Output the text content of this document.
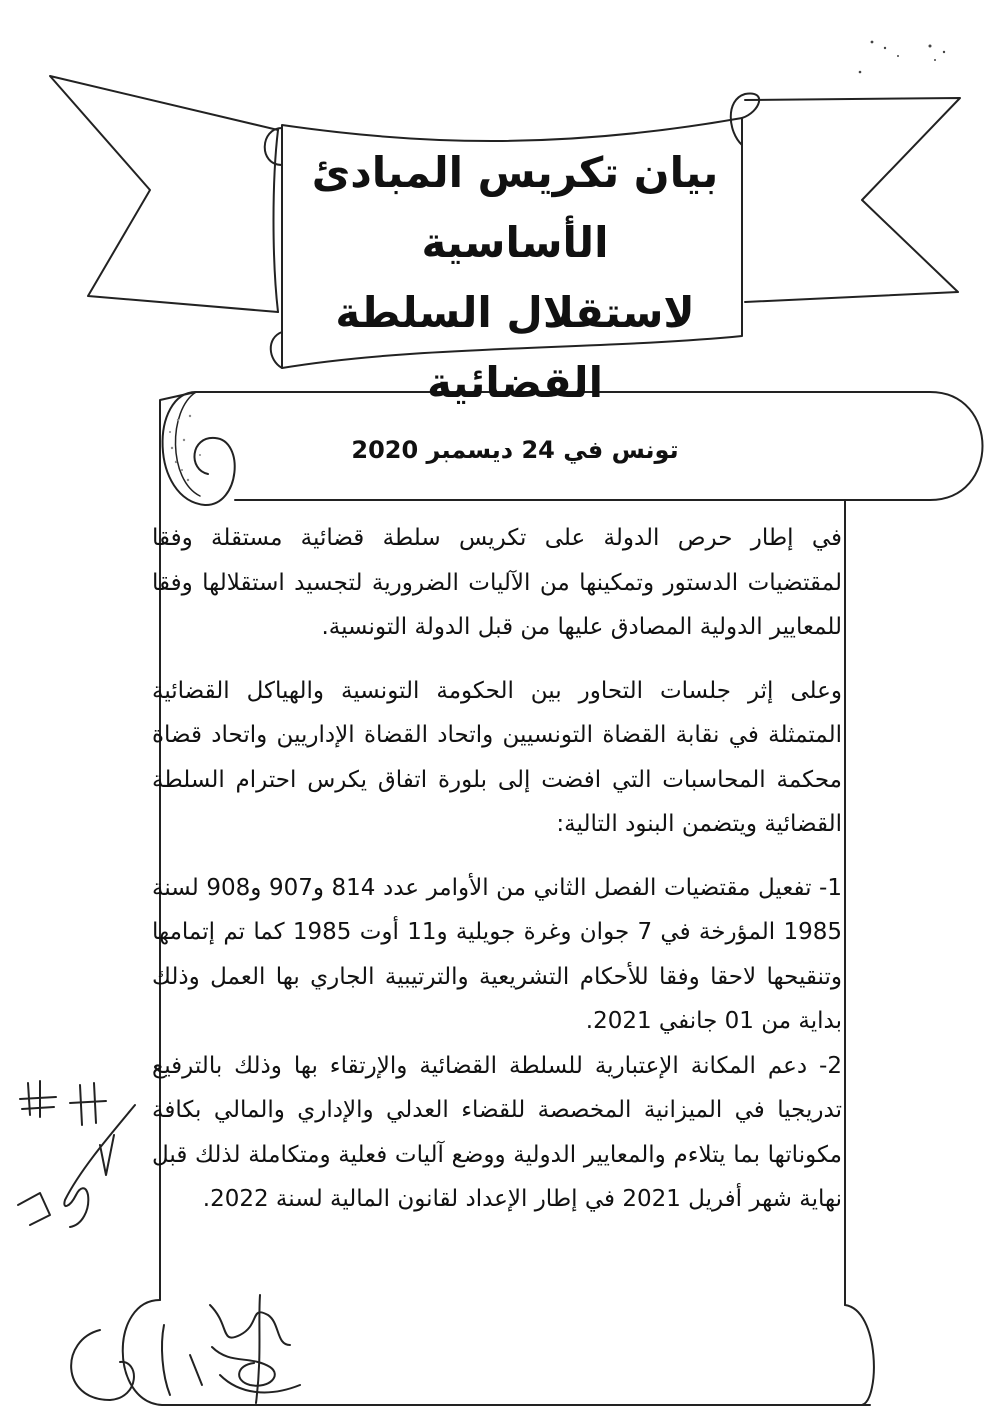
بيان تكريس المبادئ الأساسية
لاستقلال السلطة القضائية
تونس في 24 ديسمبر 2020

في إطار حرص الدولة على تكريس سلطة قضائية مستقلة وفقا لمقتضيات الدستور وتمكينها من الآليات الضرورية لتجسيد استقلالها وفقا للمعايير الدولية المصادق عليها من قبل الدولة التونسية.

وعلى إثر جلسات التحاور بين الحكومة التونسية والهياكل القضائية المتمثلة في نقابة القضاة التونسيين واتحاد القضاة الإداريين واتحاد قضاة محكمة المحاسبات التي افضت إلى بلورة اتفاق يكرس احترام السلطة القضائية ويتضمن البنود التالية:

1- تفعيل مقتضيات الفصل الثاني من الأوامر عدد 814 و907 و908 لسنة 1985 المؤرخة في 7 جوان وغرة جويلية و11 أوت 1985 كما تم إتمامها وتنقيحها لاحقا وفقا للأحكام التشريعية والترتيبية الجاري بها العمل وذلك بداية من 01 جانفي 2021.

2- دعم المكانة الإعتبارية للسلطة القضائية والإرتقاء بها وذلك بالترفيع تدريجيا في الميزانية المخصصة للقضاء العدلي والإداري والمالي بكافة مكوناتها بما يتلاءم والمعايير الدولية ووضع آليات فعلية ومتكاملة لذلك قبل نهاية شهر أفريل 2021 في إطار الإعداد لقانون المالية لسنة 2022.
